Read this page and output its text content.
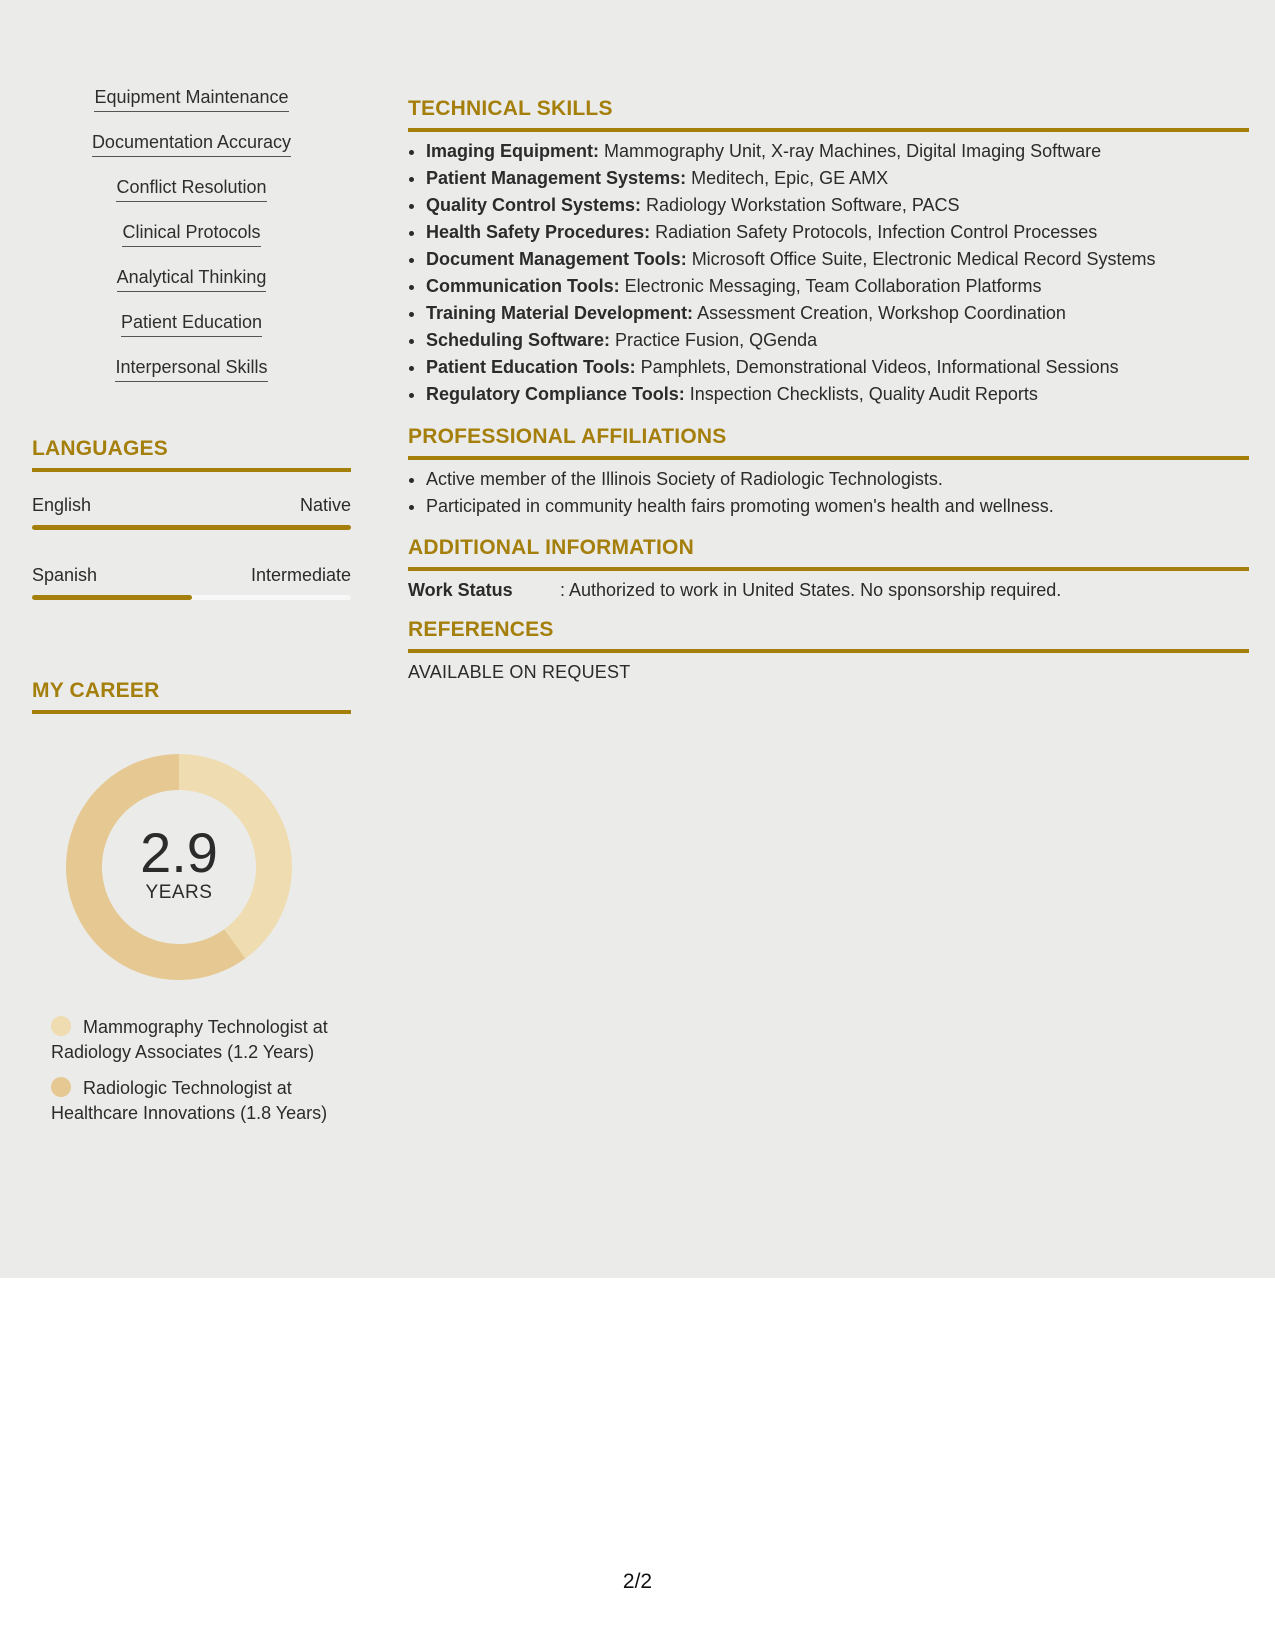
Equipment Maintenance
Documentation Accuracy
Conflict Resolution
Clinical Protocols
Analytical Thinking
Patient Education
Interpersonal Skills
LANGUAGES
English	Native
Spanish	Intermediate
MY CAREER
2.9
YEARS
Mammography Technologist at Radiology Associates (1.2 Years)
Radiologic Technologist at Healthcare Innovations (1.8 Years)
TECHNICAL SKILLS
• Imaging Equipment: Mammography Unit, X-ray Machines, Digital Imaging Software
• Patient Management Systems: Meditech, Epic, GE AMX
• Quality Control Systems: Radiology Workstation Software, PACS
• Health Safety Procedures: Radiation Safety Protocols, Infection Control Processes
• Document Management Tools: Microsoft Office Suite, Electronic Medical Record Systems
• Communication Tools: Electronic Messaging, Team Collaboration Platforms
• Training Material Development: Assessment Creation, Workshop Coordination
• Scheduling Software: Practice Fusion, QGenda
• Patient Education Tools: Pamphlets, Demonstrational Videos, Informational Sessions
• Regulatory Compliance Tools: Inspection Checklists, Quality Audit Reports
PROFESSIONAL AFFILIATIONS
• Active member of the Illinois Society of Radiologic Technologists.
• Participated in community health fairs promoting women's health and wellness.
ADDITIONAL INFORMATION
Work Status	: Authorized to work in United States. No sponsorship required.
REFERENCES
AVAILABLE ON REQUEST
2/2
